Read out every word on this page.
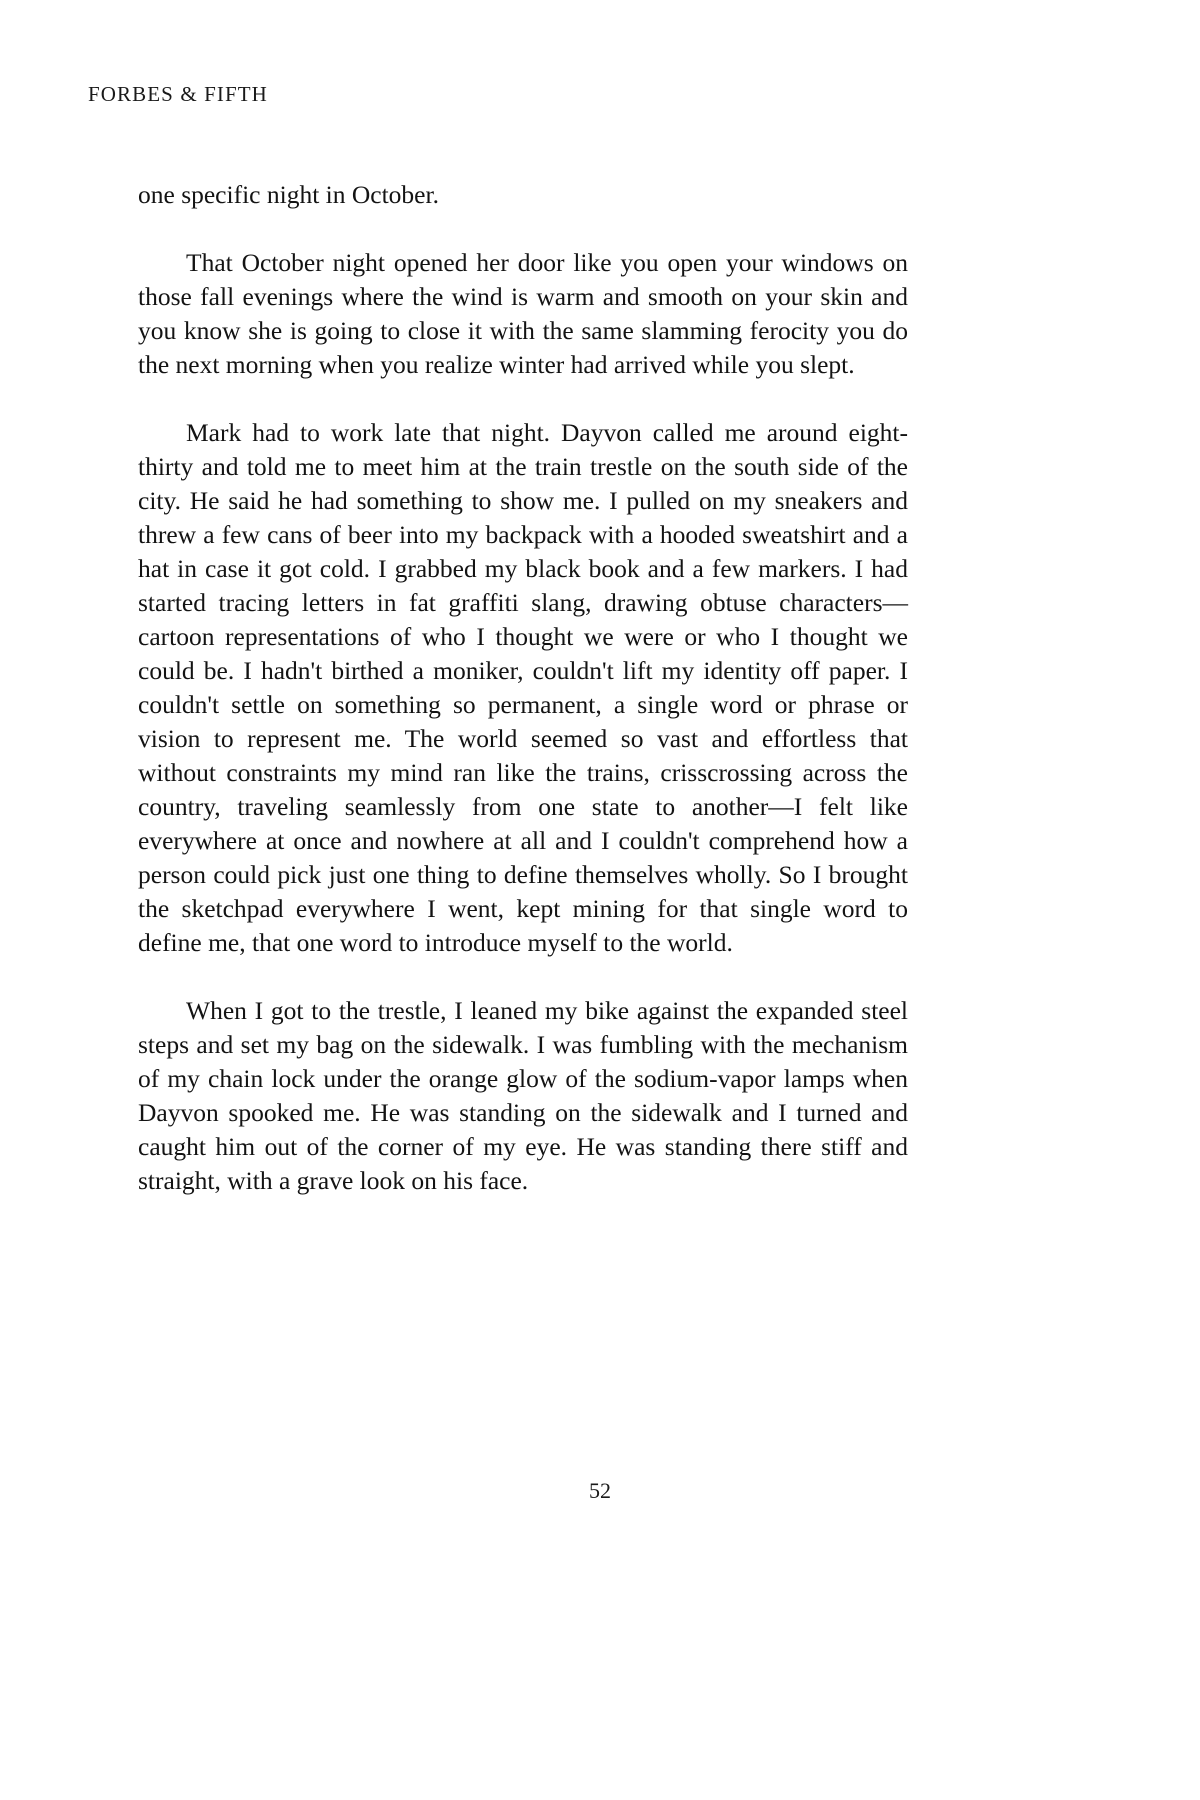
FORBES & FIFTH

one specific night in October.

That October night opened her door like you open your windows on those fall evenings where the wind is warm and smooth on your skin and you know she is going to close it with the same slamming ferocity you do the next morning when you realize winter had arrived while you slept.

Mark had to work late that night. Dayvon called me around eight-thirty and told me to meet him at the train trestle on the south side of the city. He said he had something to show me. I pulled on my sneakers and threw a few cans of beer into my backpack with a hooded sweatshirt and a hat in case it got cold. I grabbed my black book and a few markers. I had started tracing letters in fat graffiti slang, drawing obtuse characters—cartoon representations of who I thought we were or who I thought we could be. I hadn't birthed a moniker, couldn't lift my identity off paper. I couldn't settle on something so permanent, a single word or phrase or vision to represent me. The world seemed so vast and effortless that without constraints my mind ran like the trains, crisscrossing across the country, traveling seamlessly from one state to another—I felt like everywhere at once and nowhere at all and I couldn't comprehend how a person could pick just one thing to define themselves wholly. So I brought the sketchpad everywhere I went, kept mining for that single word to define me, that one word to introduce myself to the world.

When I got to the trestle, I leaned my bike against the expanded steel steps and set my bag on the sidewalk. I was fumbling with the mechanism of my chain lock under the orange glow of the sodium-vapor lamps when Dayvon spooked me. He was standing on the sidewalk and I turned and caught him out of the corner of my eye. He was standing there stiff and straight, with a grave look on his face.

52
